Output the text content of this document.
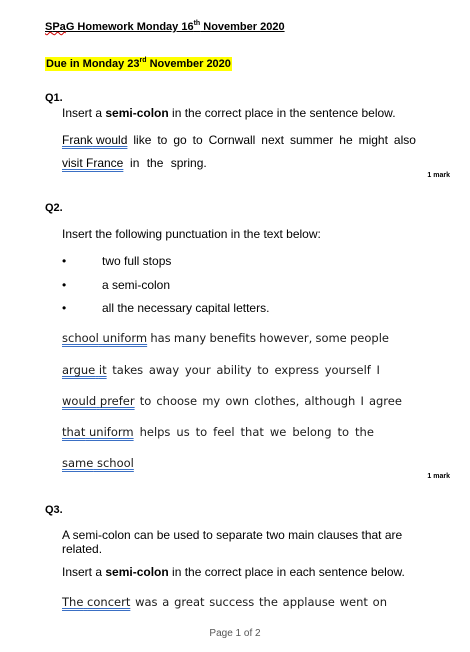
SPaG Homework Monday 16th November 2020
Due in Monday 23rd November 2020
Q1.
Insert a semi-colon in the correct place in the sentence below.
Frank would like to go to Cornwall next summer he might also
visit France in the spring.
1 mark
Q2.
Insert the following punctuation in the text below:
•	two full stops
•	a semi-colon
•	all the necessary capital letters.
school uniform has many benefits however, some people
argue it takes away your ability to express yourself I
would prefer to choose my own clothes, although I agree
that uniform helps us to feel that we belong to the
same school
1 mark
Q3.
A semi-colon can be used to separate two main clauses that are
related.
Insert a semi-colon in the correct place in each sentence below.
The concert was a great success the applause went on
Page 1 of 2
